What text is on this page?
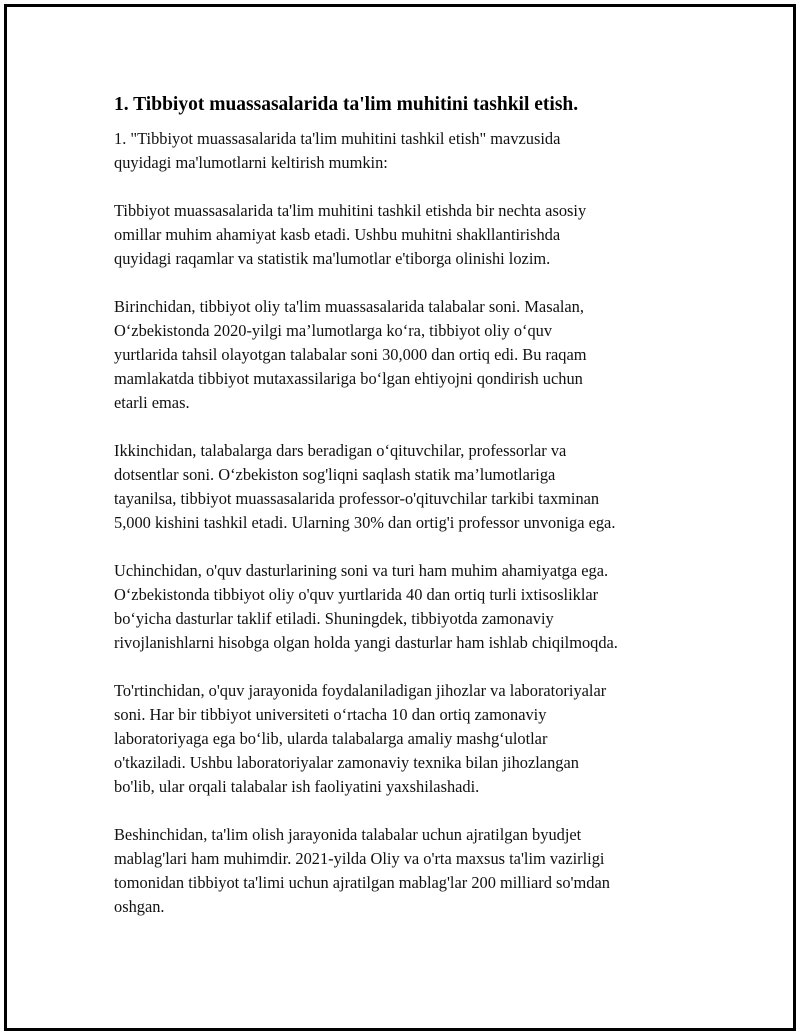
1. Tibbiyot muassasalarida ta'lim muhitini tashkil etish.

1. "Tibbiyot muassasalarida ta'lim muhitini tashkil etish" mavzusida
quyidagi ma'lumotlarni keltirish mumkin:

Tibbiyot muassasalarida ta'lim muhitini tashkil etishda bir nechta asosiy
omillar muhim ahamiyat kasb etadi. Ushbu muhitni shakllantirishda
quyidagi raqamlar va statistik ma'lumotlar e'tiborga olinishi lozim.

Birinchidan, tibbiyot oliy ta'lim muassasalarida talabalar soni. Masalan,
O‘zbekistonda 2020-yilgi ma’lumotlarga ko‘ra, tibbiyot oliy o‘quv
yurtlarida tahsil olayotgan talabalar soni 30,000 dan ortiq edi. Bu raqam
mamlakatda tibbiyot mutaxassilariga bo‘lgan ehtiyojni qondirish uchun
etarli emas.

Ikkinchidan, talabalarga dars beradigan o‘qituvchilar, professorlar va
dotsentlar soni. O‘zbekiston sog'liqni saqlash statik ma’lumotlariga
tayanilsa, tibbiyot muassasalarida professor-o'qituvchilar tarkibi taxminan
5,000 kishini tashkil etadi. Ularning 30% dan ortig'i professor unvoniga ega.

Uchinchidan, o'quv dasturlarining soni va turi ham muhim ahamiyatga ega.
O‘zbekistonda tibbiyot oliy o'quv yurtlarida 40 dan ortiq turli ixtisosliklar
bo‘yicha dasturlar taklif etiladi. Shuningdek, tibbiyotda zamonaviy
rivojlanishlarni hisobga olgan holda yangi dasturlar ham ishlab chiqilmoqda.

To'rtinchidan, o'quv jarayonida foydalaniladigan jihozlar va laboratoriyalar
soni. Har bir tibbiyot universiteti o‘rtacha 10 dan ortiq zamonaviy
laboratoriyaga ega bo‘lib, ularda talabalarga amaliy mashg‘ulotlar
o'tkaziladi. Ushbu laboratoriyalar zamonaviy texnika bilan jihozlangan
bo'lib, ular orqali talabalar ish faoliyatini yaxshilashadi.

Beshinchidan, ta'lim olish jarayonida talabalar uchun ajratilgan byudjet
mablag'lari ham muhimdir. 2021-yilda Oliy va o'rta maxsus ta'lim vazirligi
tomonidan tibbiyot ta'limi uchun ajratilgan mablag'lar 200 milliard so'mdan
oshgan.
